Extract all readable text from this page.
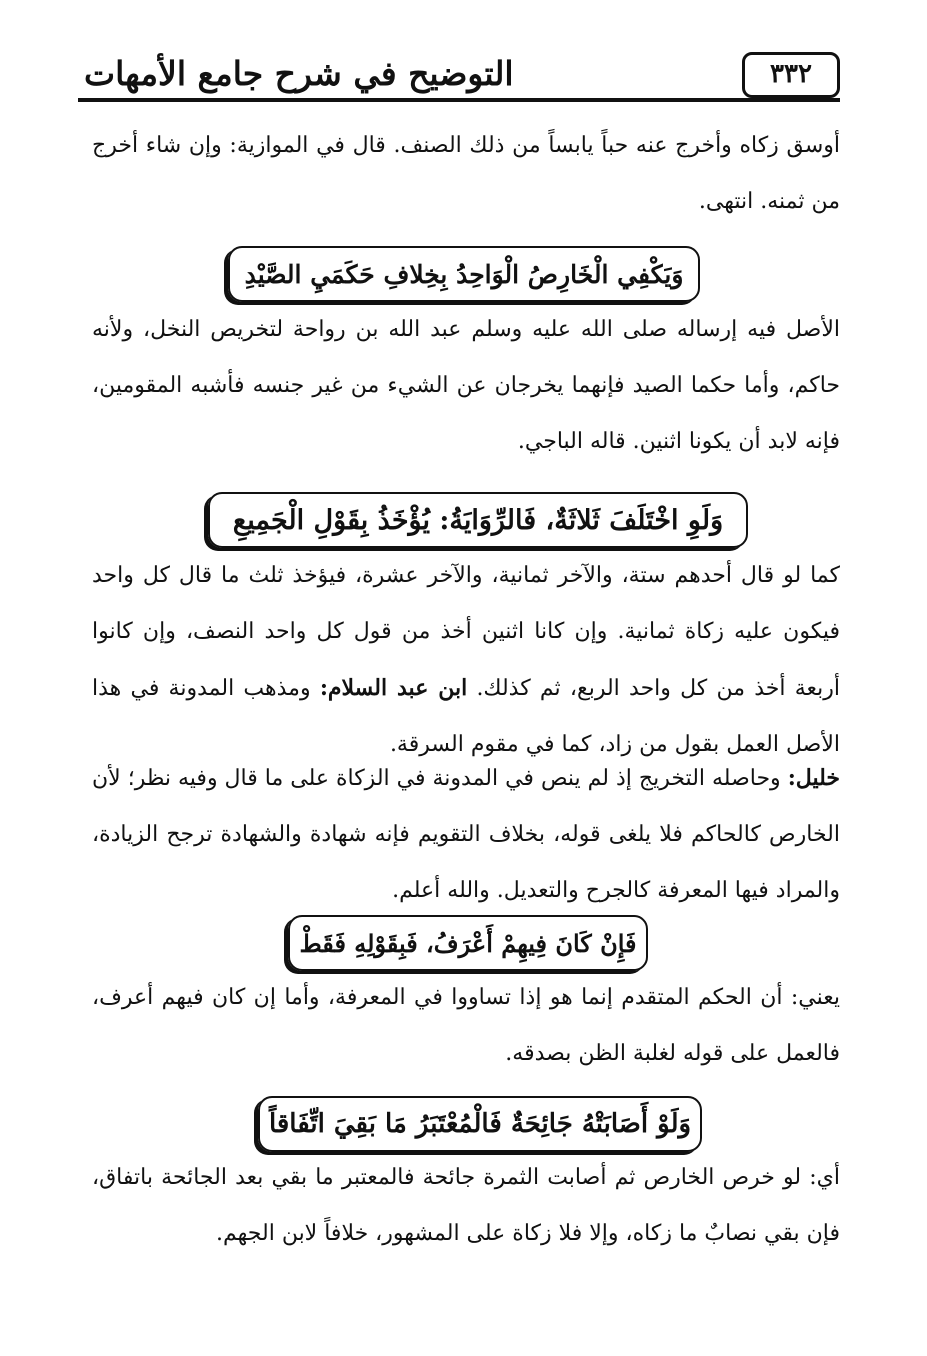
٣٣٢
التوضيح في شرح جامع الأمهات
أوسق زكاه وأخرج عنه حباً يابساً من ذلك الصنف. قال في الموازية: وإن شاء أخرج من ثمنه. انتهى.
وَيَكْفِي الْخَارِصُ الْوَاحِدُ بِخِلافِ حَكَمَيِ الصَّيْدِ
الأصل فيه إرساله صلى الله عليه وسلم عبد الله بن رواحة لتخريص النخل، ولأنه حاكم، وأما حكما الصيد فإنهما يخرجان عن الشيء من غير جنسه فأشبه المقومين، فإنه لابد أن يكونا اثنين. قاله الباجي.
وَلَوِ اخْتَلَفَ ثَلاثَةٌ، فَالرِّوَايَةُ: يُؤْخَذُ بِقَوْلِ الْجَمِيعِ
كما لو قال أحدهم ستة، والآخر ثمانية، والآخر عشرة، فيؤخذ ثلث ما قال كل واحد فيكون عليه زكاة ثمانية. وإن كانا اثنين أخذ من قول كل واحد النصف، وإن كانوا أربعة أخذ من كل واحد الربع، ثم كذلك. ابن عبد السلام: ومذهب المدونة في هذا الأصل العمل بقول من زاد، كما في مقوم السرقة.
خليل: وحاصله التخريج إذ لم ينص في المدونة في الزكاة على ما قال وفيه نظر؛ لأن الخارص كالحاكم فلا يلغى قوله، بخلاف التقويم فإنه شهادة والشهادة ترجح الزيادة، والمراد فيها المعرفة كالجرح والتعديل. والله أعلم.
فَإِنْ كَانَ فِيهِمْ أَعْرَفُ، فَبِقَوْلِهِ فَقَطْ
يعني: أن الحكم المتقدم إنما هو إذا تساووا في المعرفة، وأما إن كان فيهم أعرف، فالعمل على قوله لغلبة الظن بصدقه.
وَلَوْ أَصَابَتْهُ جَائِحَةٌ فَالْمُعْتَبَرُ مَا بَقِيَ اتِّفَاقاً
أي: لو خرص الخارص ثم أصابت الثمرة جائحة فالمعتبر ما بقي بعد الجائحة باتفاق، فإن بقي نصابٌ ما زكاه، وإلا فلا زكاة على المشهور، خلافاً لابن الجهم.
